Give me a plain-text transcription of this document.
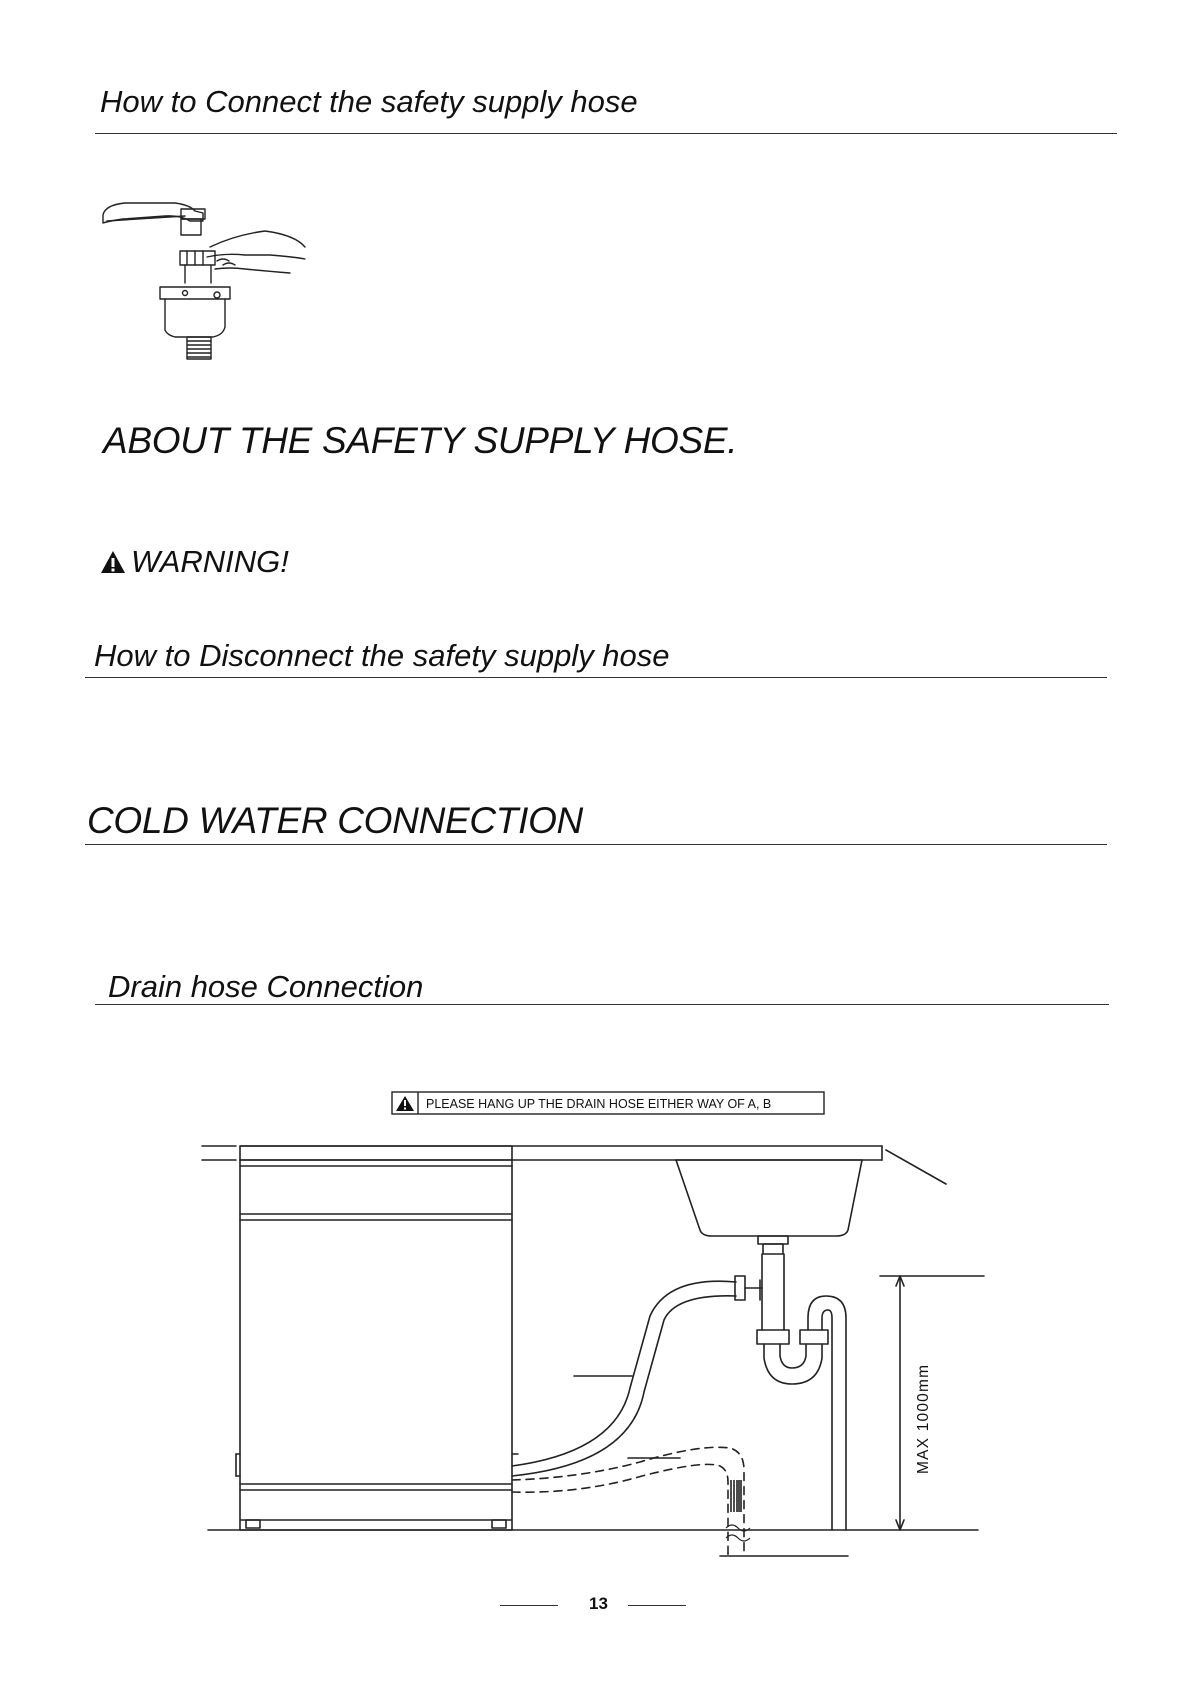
How to Connect the safety supply hose
ABOUT THE SAFETY SUPPLY HOSE.
WARNING!
How to Disconnect the safety supply hose
COLD WATER CONNECTION
Drain hose Connection
PLEASE HANG UP THE DRAIN HOSE EITHER WAY OF A, B
MAX 1000mm
13
